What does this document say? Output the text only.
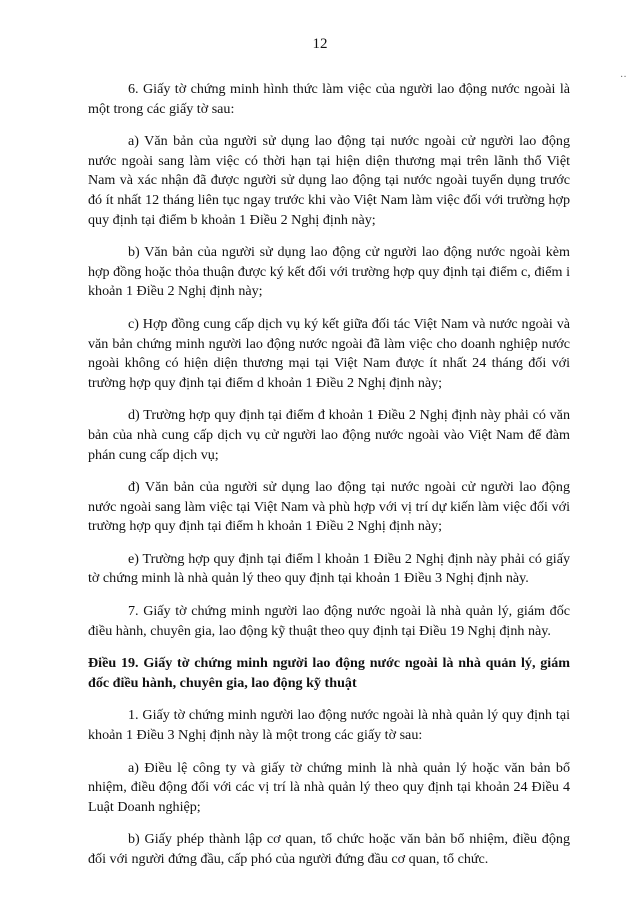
12
··

6. Giấy tờ chứng minh hình thức làm việc của người lao động nước ngoài là một trong các giấy tờ sau:

a) Văn bản của người sử dụng lao động tại nước ngoài cử người lao động nước ngoài sang làm việc có thời hạn tại hiện diện thương mại trên lãnh thổ Việt Nam và xác nhận đã được người sử dụng lao động tại nước ngoài tuyển dụng trước đó ít nhất 12 tháng liên tục ngay trước khi vào Việt Nam làm việc đối với trường hợp quy định tại điểm b khoản 1 Điều 2 Nghị định này;

b) Văn bản của người sử dụng lao động cử người lao động nước ngoài kèm hợp đồng hoặc thỏa thuận được ký kết đối với trường hợp quy định tại điểm c, điểm i khoản 1 Điều 2 Nghị định này;

c) Hợp đồng cung cấp dịch vụ ký kết giữa đối tác Việt Nam và nước ngoài và văn bản chứng minh người lao động nước ngoài đã làm việc cho doanh nghiệp nước ngoài không có hiện diện thương mại tại Việt Nam được ít nhất 24 tháng đối với trường hợp quy định tại điểm d khoản 1 Điều 2 Nghị định này;

d) Trường hợp quy định tại điểm đ khoản 1 Điều 2 Nghị định này phải có văn bản của nhà cung cấp dịch vụ cử người lao động nước ngoài vào Việt Nam để đàm phán cung cấp dịch vụ;

đ) Văn bản của người sử dụng lao động tại nước ngoài cử người lao động nước ngoài sang làm việc tại Việt Nam và phù hợp với vị trí dự kiến làm việc đối với trường hợp quy định tại điểm h khoản 1 Điều 2 Nghị định này;

e) Trường hợp quy định tại điểm l khoản 1 Điều 2 Nghị định này phải có giấy tờ chứng minh là nhà quản lý theo quy định tại khoản 1 Điều 3 Nghị định này.

7. Giấy tờ chứng minh người lao động nước ngoài là nhà quản lý, giám đốc điều hành, chuyên gia, lao động kỹ thuật theo quy định tại Điều 19 Nghị định này.

Điều 19. Giấy tờ chứng minh người lao động nước ngoài là nhà quản lý, giám đốc điều hành, chuyên gia, lao động kỹ thuật

1. Giấy tờ chứng minh người lao động nước ngoài là nhà quản lý quy định tại khoản 1 Điều 3 Nghị định này là một trong các giấy tờ sau:

a) Điều lệ công ty và giấy tờ chứng minh là nhà quản lý hoặc văn bản bổ nhiệm, điều động đối với các vị trí là nhà quản lý theo quy định tại khoản 24 Điều 4 Luật Doanh nghiệp;

b) Giấy phép thành lập cơ quan, tổ chức hoặc văn bản bổ nhiệm, điều động đối với người đứng đầu, cấp phó của người đứng đầu cơ quan, tổ chức.
